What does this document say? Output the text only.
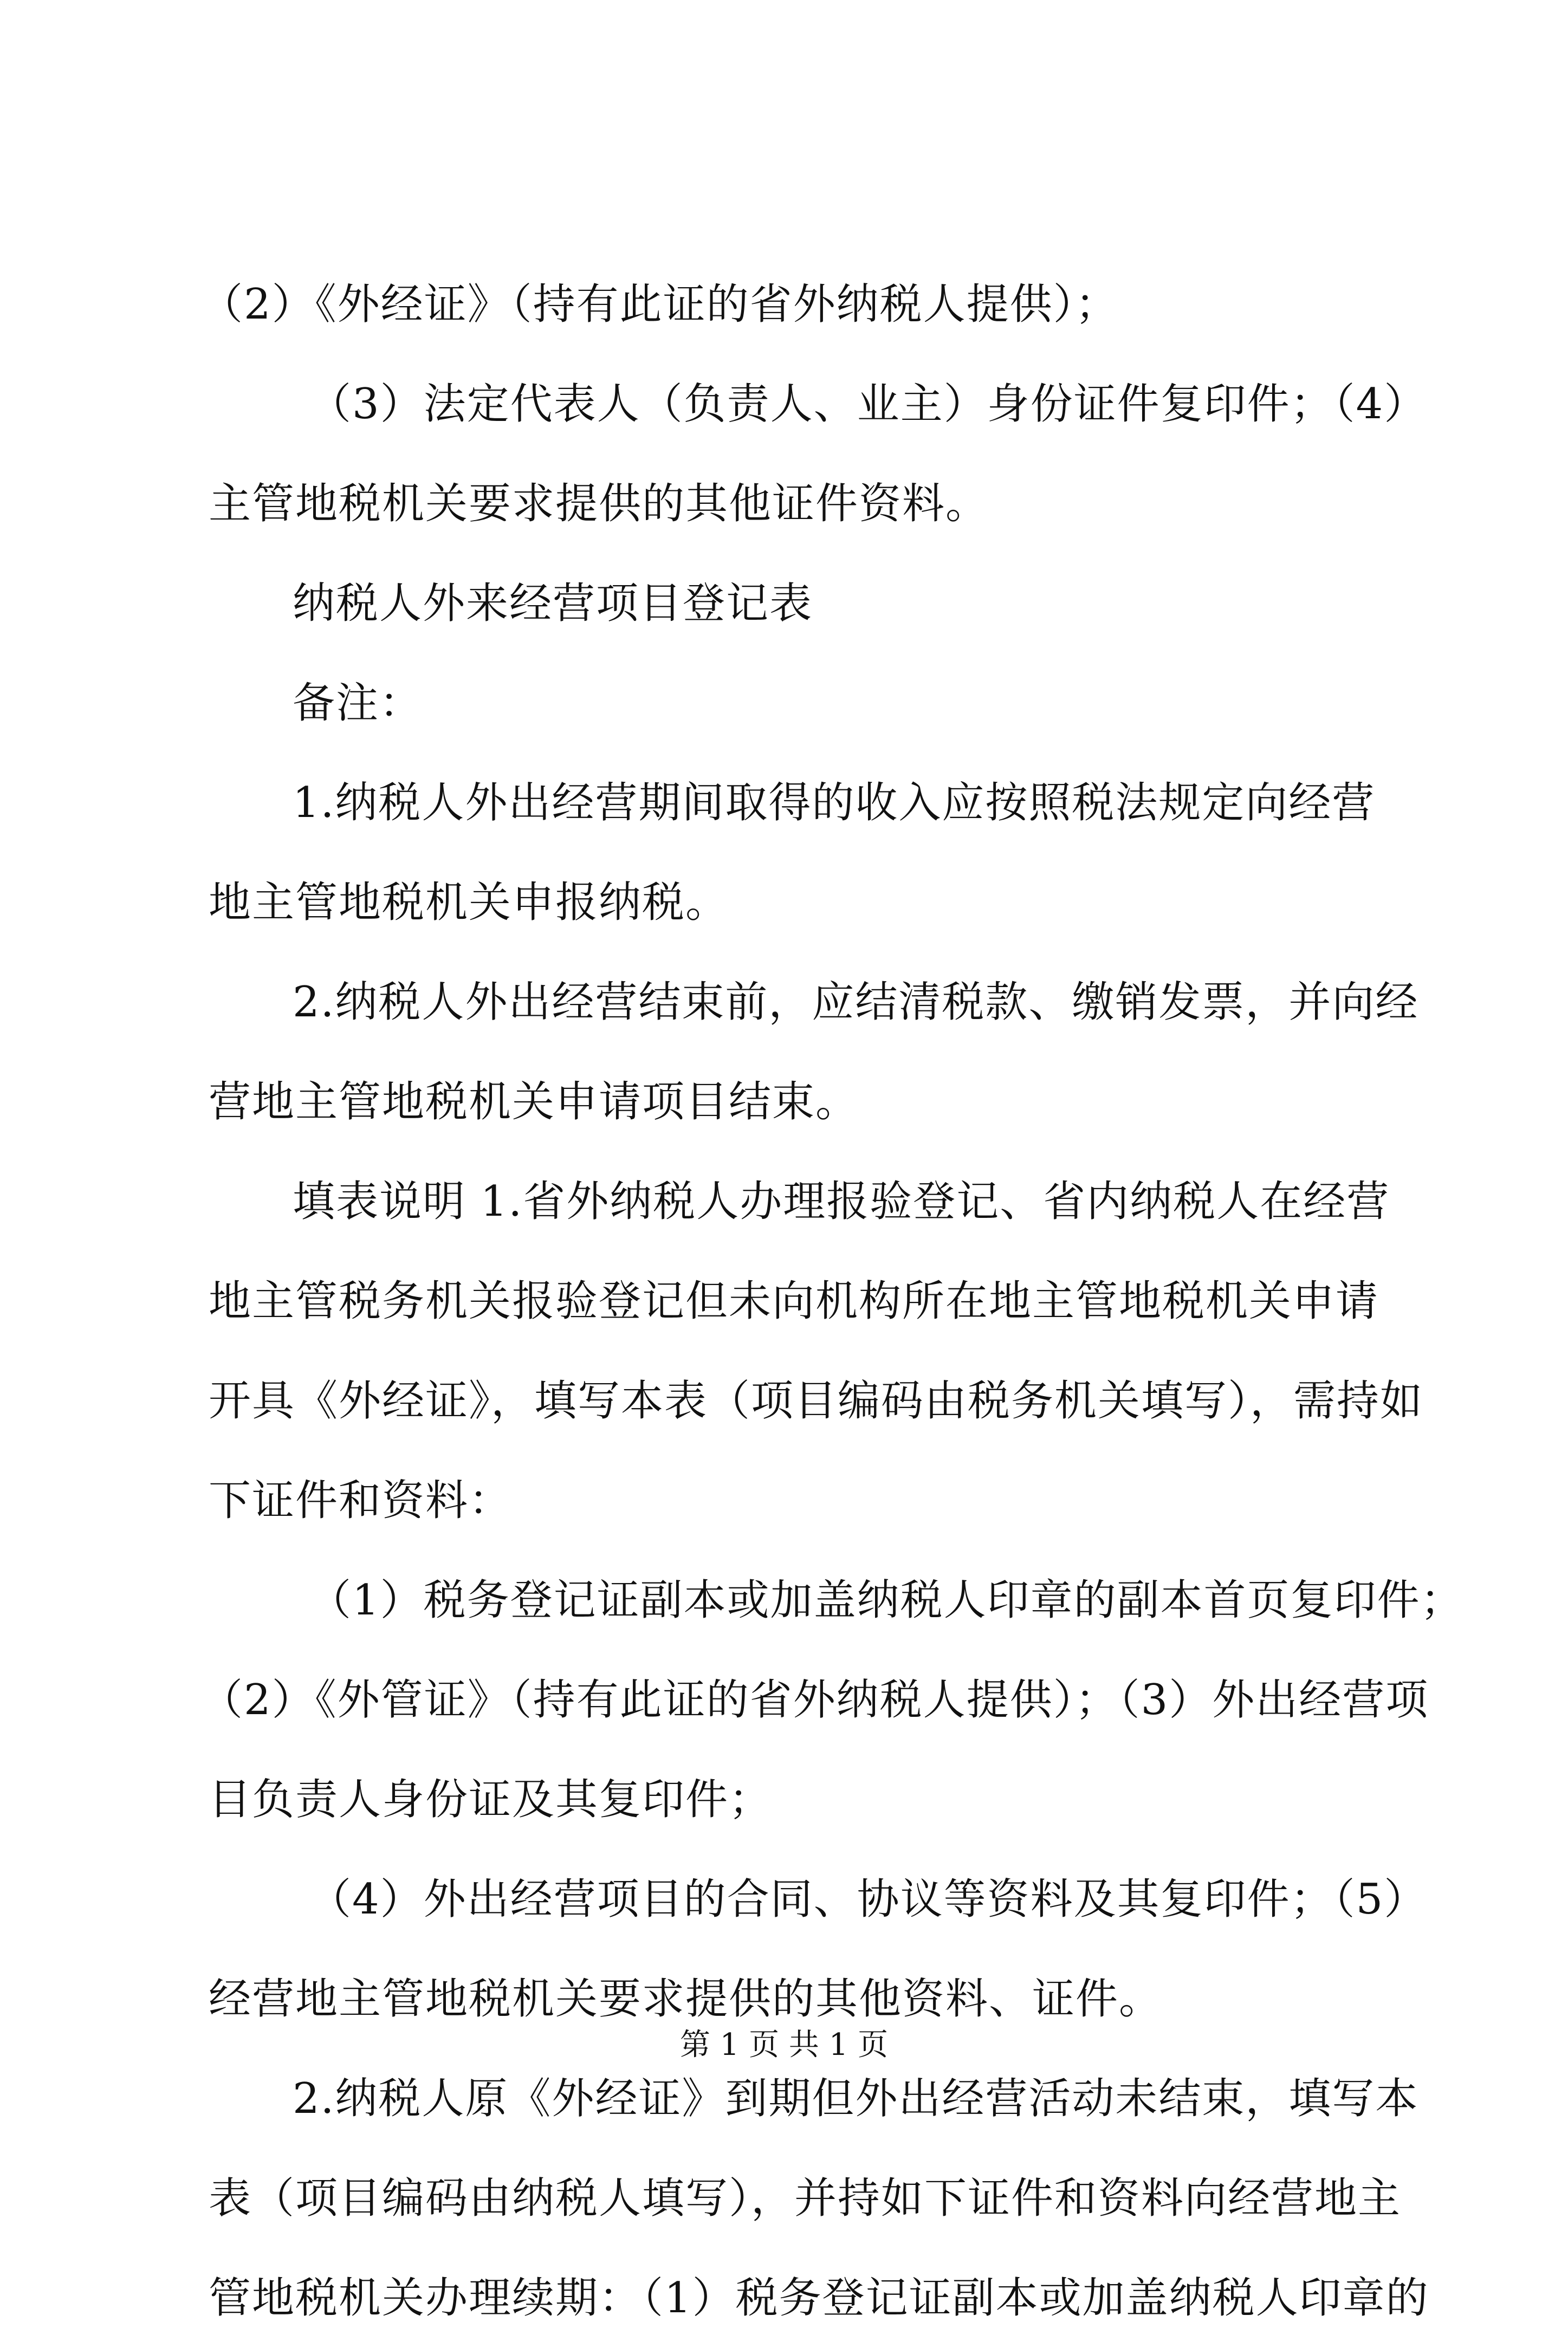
（2）《外经证》（持有此证的省外纳税人提供）；
（3）法定代表人（负责人、业主）身份证件复印件；（4）
主管地税机关要求提供的其他证件资料。
纳税人外来经营项目登记表
备注：
1.纳税人外出经营期间取得的收入应按照税法规定向经营
地主管地税机关申报纳税。
2.纳税人外出经营结束前，应结清税款、缴销发票，并向经
营地主管地税机关申请项目结束。
填表说明 1.省外纳税人办理报验登记、省内纳税人在经营
地主管税务机关报验登记但未向机构所在地主管地税机关申请
开具《外经证》，填写本表（项目编码由税务机关填写），需持如
下证件和资料：
（1）税务登记证副本或加盖纳税人印章的副本首页复印件；
（2）《外管证》（持有此证的省外纳税人提供）；（3）外出经营项
目负责人身份证及其复印件；
（4）外出经营项目的合同、协议等资料及其复印件；（5）
经营地主管地税机关要求提供的其他资料、证件。
2.纳税人原《外经证》到期但外出经营活动未结束，填写本
表（项目编码由纳税人填写），并持如下证件和资料向经营地主
管地税机关办理续期：（1）税务登记证副本或加盖纳税人印章的
第 1 页 共 1 页
